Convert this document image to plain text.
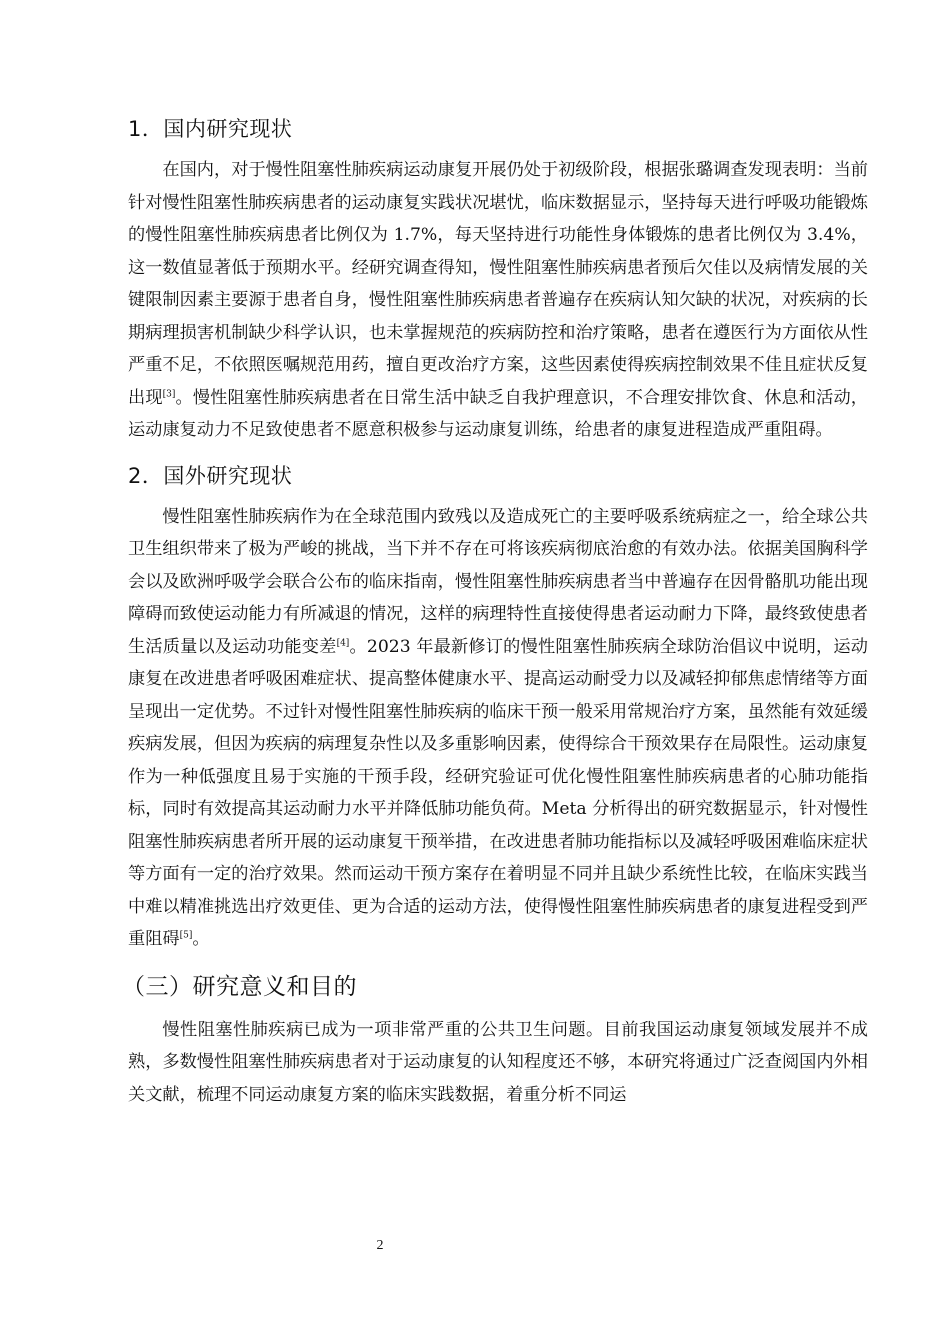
1．国内研究现状

在国内，对于慢性阻塞性肺疾病运动康复开展仍处于初级阶段，根据张璐调查发现表明：当前针对慢性阻塞性肺疾病患者的运动康复实践状况堪忧，临床数据显示，坚持每天进行呼吸功能锻炼的慢性阻塞性肺疾病患者比例仅为 1.7%，每天坚持进行功能性身体锻炼的患者比例仅为 3.4%，这一数值显著低于预期水平。经研究调查得知，慢性阻塞性肺疾病患者预后欠佳以及病情发展的关键限制因素主要源于患者自身，慢性阻塞性肺疾病患者普遍存在疾病认知欠缺的状况，对疾病的长期病理损害机制缺少科学认识，也未掌握规范的疾病防控和治疗策略，患者在遵医行为方面依从性严重不足，不依照医嘱规范用药，擅自更改治疗方案，这些因素使得疾病控制效果不佳且症状反复出现[3]。慢性阻塞性肺疾病患者在日常生活中缺乏自我护理意识，不合理安排饮食、休息和活动，运动康复动力不足致使患者不愿意积极参与运动康复训练，给患者的康复进程造成严重阻碍。

2．国外研究现状

慢性阻塞性肺疾病作为在全球范围内致残以及造成死亡的主要呼吸系统病症之一，给全球公共卫生组织带来了极为严峻的挑战，当下并不存在可将该疾病彻底治愈的有效办法。依据美国胸科学会以及欧洲呼吸学会联合公布的临床指南，慢性阻塞性肺疾病患者当中普遍存在因骨骼肌功能出现障碍而致使运动能力有所减退的情况，这样的病理特性直接使得患者运动耐力下降，最终致使患者生活质量以及运动功能变差[4]。2023 年最新修订的慢性阻塞性肺疾病全球防治倡议中说明，运动康复在改进患者呼吸困难症状、提高整体健康水平、提高运动耐受力以及减轻抑郁焦虑情绪等方面呈现出一定优势。不过针对慢性阻塞性肺疾病的临床干预一般采用常规治疗方案，虽然能有效延缓疾病发展，但因为疾病的病理复杂性以及多重影响因素，使得综合干预效果存在局限性。运动康复作为一种低强度且易于实施的干预手段，经研究验证可优化慢性阻塞性肺疾病患者的心肺功能指标，同时有效提高其运动耐力水平并降低肺功能负荷。Meta 分析得出的研究数据显示，针对慢性阻塞性肺疾病患者所开展的运动康复干预举措，在改进患者肺功能指标以及减轻呼吸困难临床症状等方面有一定的治疗效果。然而运动干预方案存在着明显不同并且缺少系统性比较，在临床实践当中难以精准挑选出疗效更佳、更为合适的运动方法，使得慢性阻塞性肺疾病患者的康复进程受到严重阻碍[5]。

（三）研究意义和目的

慢性阻塞性肺疾病已成为一项非常严重的公共卫生问题。目前我国运动康复领域发展并不成熟，多数慢性阻塞性肺疾病患者对于运动康复的认知程度还不够，本研究将通过广泛查阅国内外相关文献，梳理不同运动康复方案的临床实践数据，着重分析不同运

2
